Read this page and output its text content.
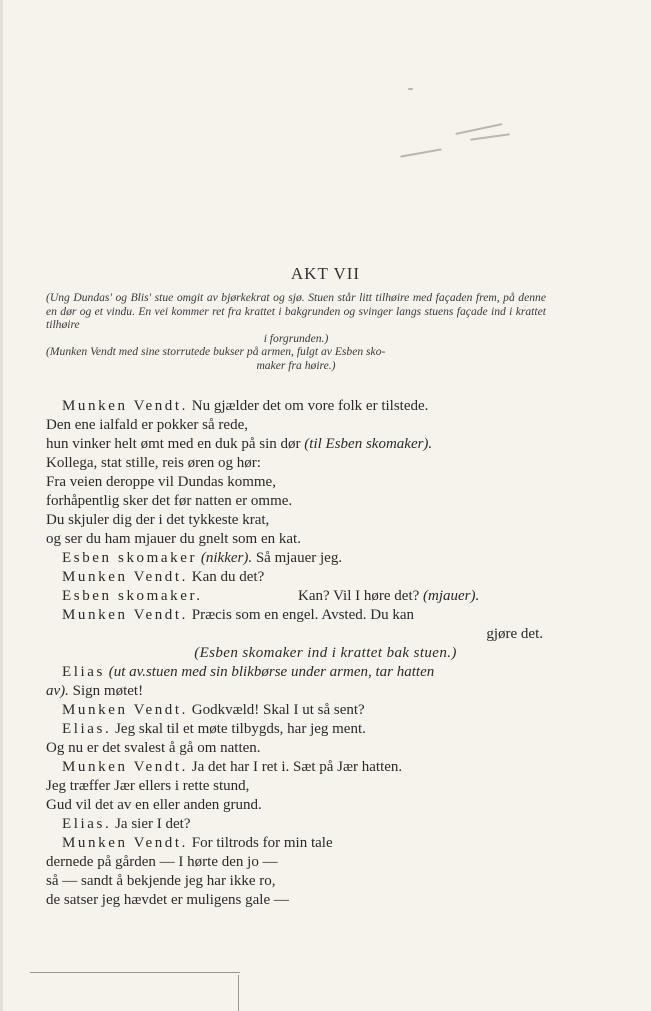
AKT VII
(Ung Dundas' og Blis' stue omgit av bjørkekrat og sjø. Stuen står litt tilhøire med façaden frem, på denne en dør og et vindu. En vei kommer ret fra krattet i bakgrunden og svinger langs stuens façade ind i krattet tilhøire
i forgrunden.)
(Munken Vendt med sine storrutede bukser på armen, fulgt av Esben sko-
maker fra høire.)
Munken Vendt. Nu gjælder det om vore folk er tilstede.
Den ene ialfald er pokker så rede,
hun vinker helt ømt med en duk på sin dør (til Esben skomaker).
Kollega, stat stille, reis øren og hør:
Fra veien deroppe vil Dundas komme,
forhåpentlig sker det før natten er omme.
Du skjuler dig der i det tykkeste krat,
og ser du ham mjauer du gnelt som en kat.
Esben skomaker (nikker). Så mjauer jeg.
Munken Vendt. Kan du det?
Esben skomaker.	Kan? Vil I høre det? (mjauer).
Munken Vendt. Præcis som en engel. Avsted. Du kan
gjøre det.
(Esben skomaker ind i krattet bak stuen.)
Elias (ut av.stuen med sin blikbørse under armen, tar hatten
av). Sign møtet!
Munken Vendt. Godkvæld! Skal I ut så sent?
Elias. Jeg skal til et møte tilbygds, har jeg ment.
Og nu er det svalest å gå om natten.
Munken Vendt. Ja det har I ret i. Sæt på Jær hatten.
Jeg træffer Jær ellers i rette stund,
Gud vil det av en eller anden grund.
Elias. Ja sier I det?
Munken Vendt. For tiltrods for min tale
dernede på gården — I hørte den jo —
så — sandt å bekjende jeg har ikke ro,
de satser jeg hævdet er muligens gale —
